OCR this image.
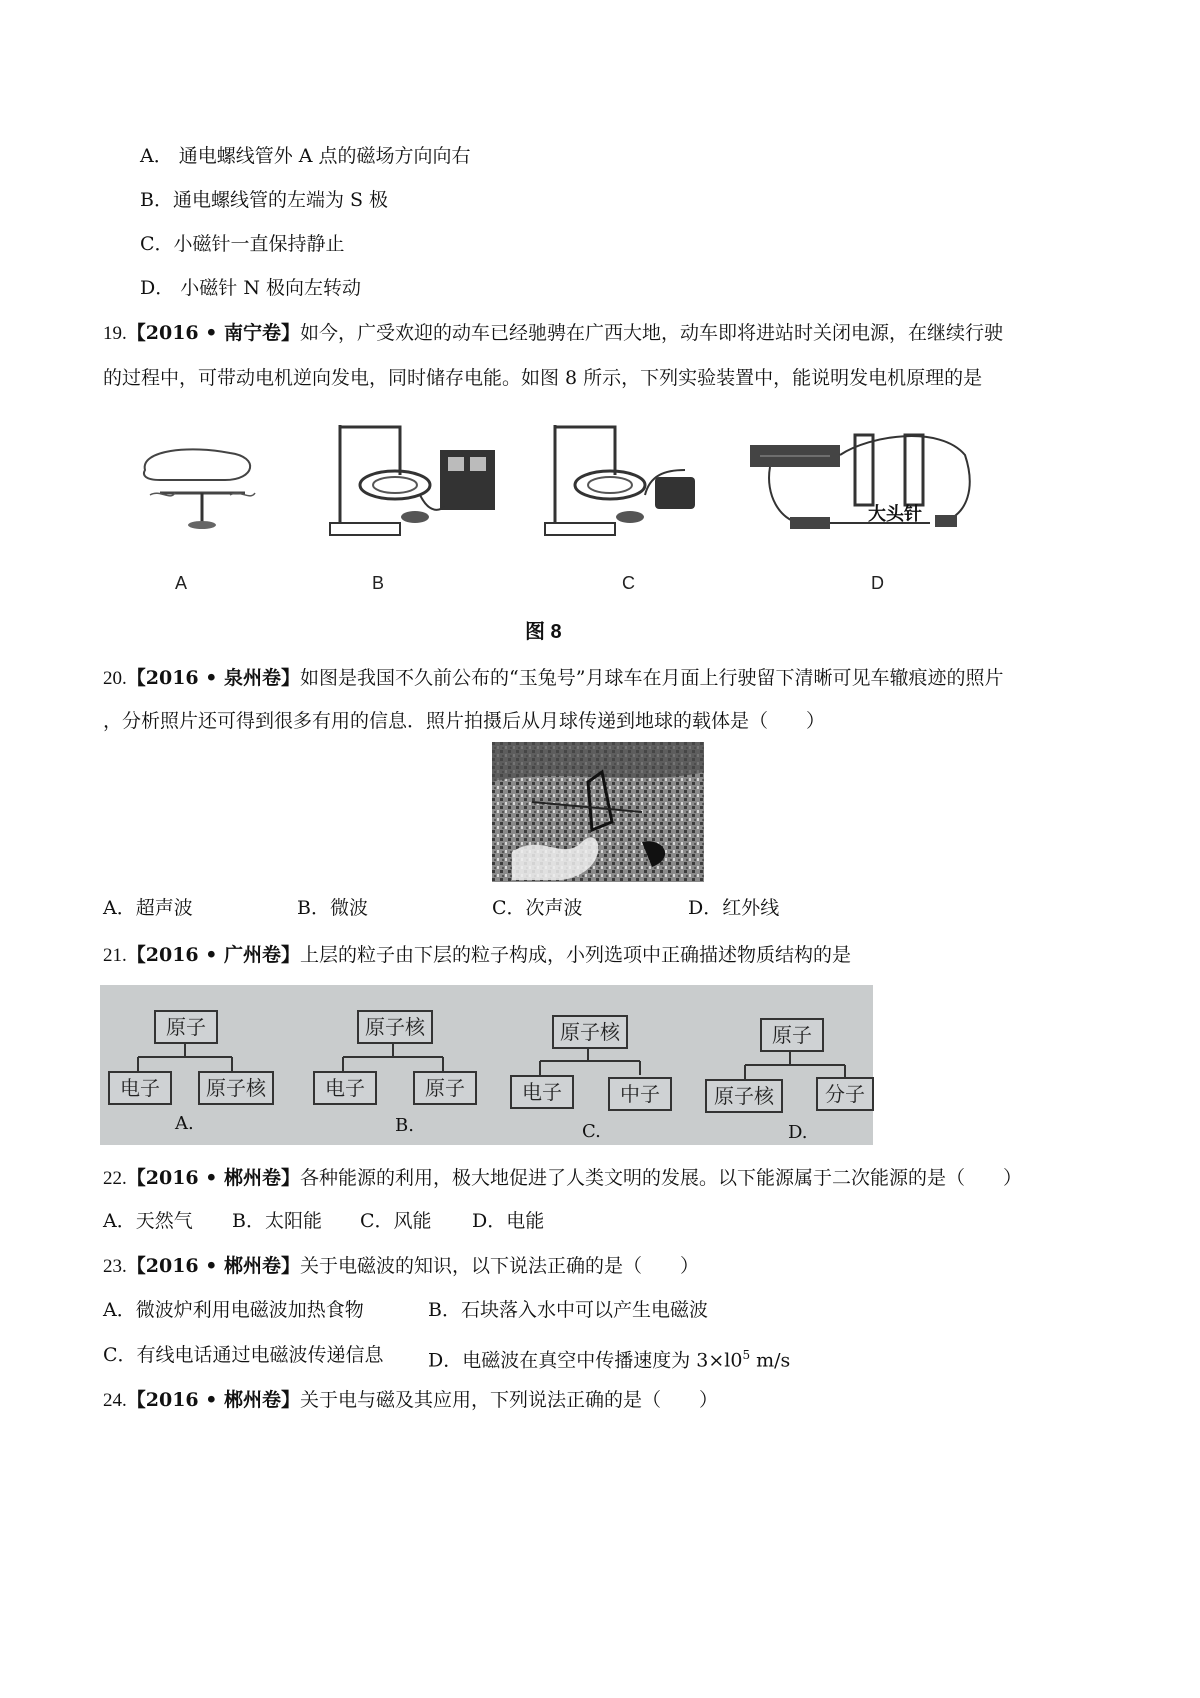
A． 通电螺线管外 A 点的磁场方向向右
B．通电螺线管的左端为 S 极
C．小磁针一直保持静止
D． 小磁针 N 极向左转动
19.【2016 • 南宁卷】如今，广受欢迎的动车已经驰骋在广西大地，动车即将进站时关闭电源，在继续行驶
的过程中，可带动电机逆向发电，同时储存电能。如图 8 所示，下列实验装置中，能说明发电机原理的是
大头针
A	B	C	D
图 8
20.【2016 • 泉州卷】如图是我国不久前公布的“玉兔号”月球车在月面上行驶留下清晰可见车辙痕迹的照片
，分析照片还可得到很多有用的信息．照片拍摄后从月球传递到地球的载体是（　　）
A．超声波	B．微波	C．次声波	D．红外线
21.【2016 • 广州卷】上层的粒子由下层的粒子构成，小列选项中正确描述物质结构的是
原子
电子	原子核
A.
原子核
电子	原子
B.
原子核
电子	中子
C.
原子
原子核	分子
D.
22.【2016 • 郴州卷】各种能源的利用，极大地促进了人类文明的发展。以下能源属于二次能源的是（　　）
A．天然气 B．太阳能 C．风能 D．电能
23.【2016 • 郴州卷】关于电磁波的知识，以下说法正确的是（　　）
A．微波炉利用电磁波加热食物	B．石块落入水中可以产生电磁波
C．有线电话通过电磁波传递信息 D．电磁波在真空中传播速度为 $3\times l0^5$ m/s
24.【2016 • 郴州卷】关于电与磁及其应用，下列说法正确的是（　　）
